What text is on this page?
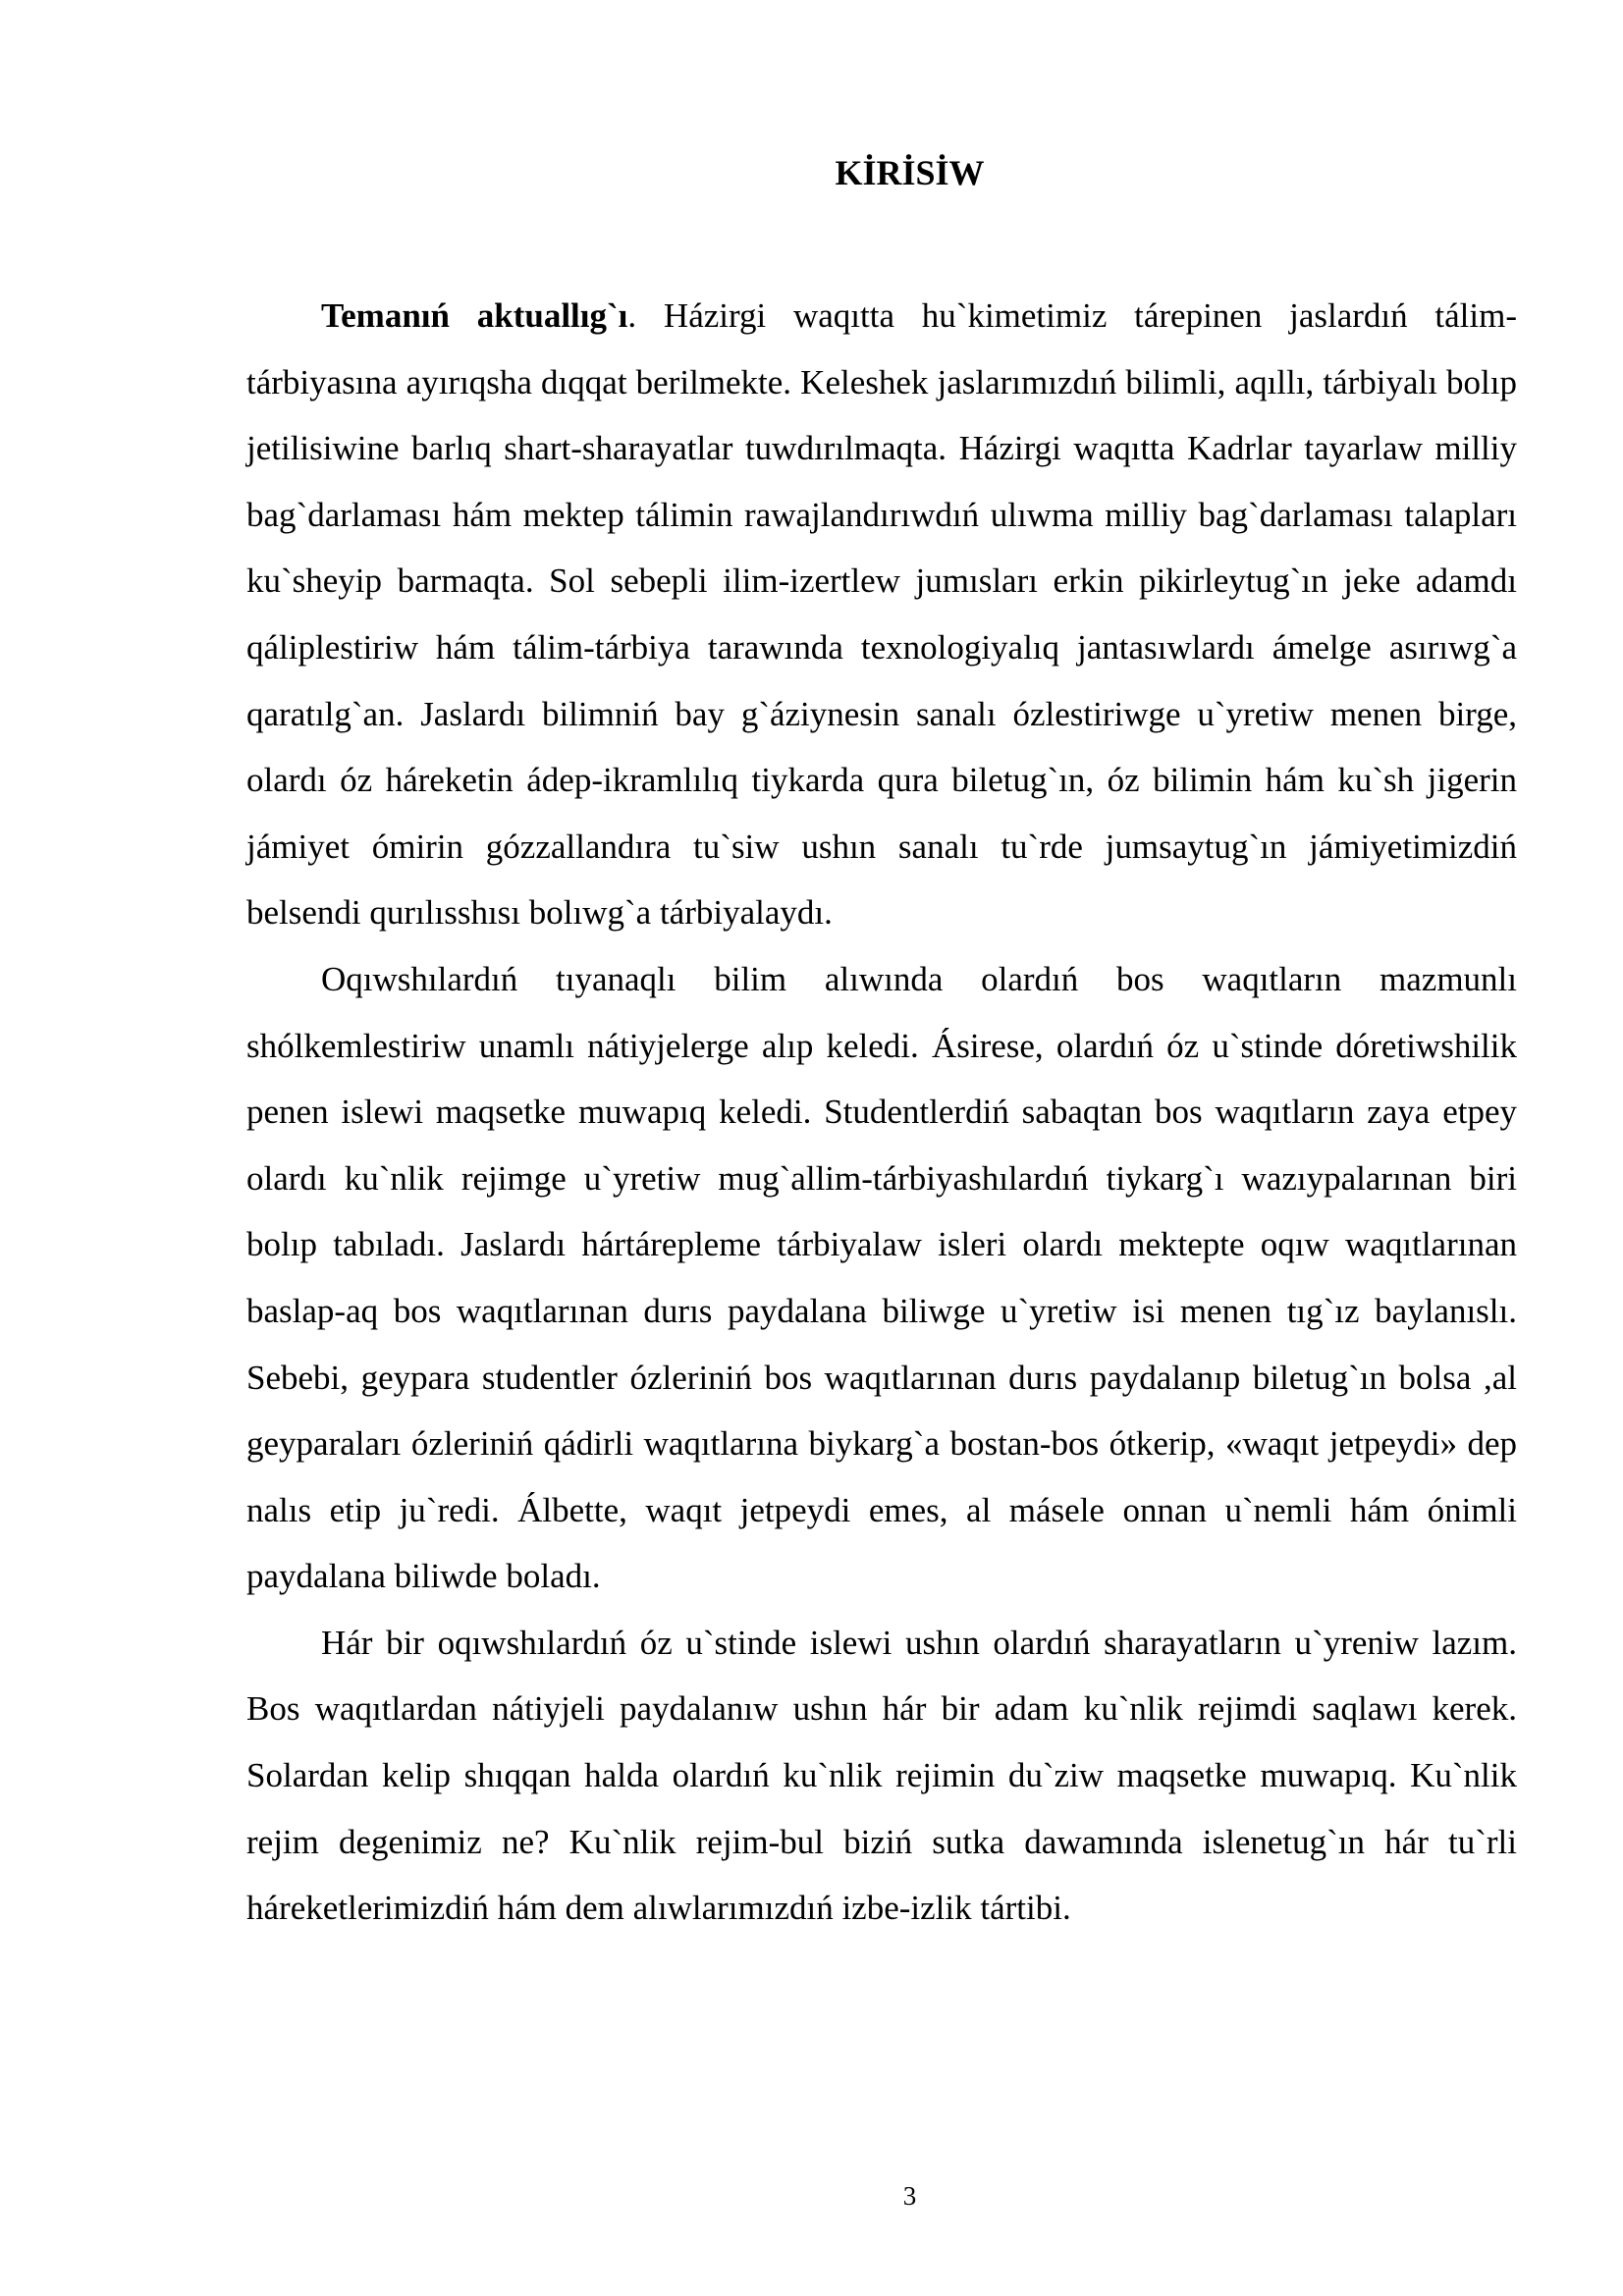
KİRİSİW

Temanıń aktuallıg`ı. Házirgi waqıtta hu`kimetimiz tárepinen jaslardıń tálim-tárbiyasına ayırıqsha dıqqat berilmekte. Keleshek jaslarımızdıń bilimli, aqıllı, tárbiyalı bolıp jetilisiwine barlıq shart-sharayatlar tuwdırılmaqta. Házirgi waqıtta Kadrlar tayarlaw milliy bag`darlaması hám mektep tálimin rawajlandırıwdıń ulıwma milliy bag`darlaması talapları ku`sheyip barmaqta. Sol sebepli ilim-izertlew jumısları erkin pikirleytug`ın jeke adamdı qáliplestiriw hám tálim-tárbiya tarawında texnologiyalıq jantasıwlardı ámelge asırıwg`a qaratılg`an. Jaslardı bilimniń bay g`áziynesin sanalı ózlestiriwge u`yretiw menen birge, olardı óz háreketin ádep-ikramlılıq tiykarda qura biletug`ın, óz bilimin hám ku`sh jigerin jámiyet ómirin gózzallandıra tu`siw ushın sanalı tu`rde jumsaytug`ın jámiyetimizdiń belsendi qurılısshısı bolıwg`a tárbiyalaydı.

Oqıwshılardıń tıyanaqlı bilim alıwında olardıń bos waqıtların mazmunlı shólkemlestiriw unamlı nátiyjelerge alıp keledi. Ásirese, olardıń óz u`stinde dóretiwshilik penen islewi maqsetke muwapıq keledi. Studentlerdiń sabaqtan bos waqıtların zaya etpey olardı ku`nlik rejimge u`yretiw mug`allim-tárbiyashılardıń tiykarg`ı wazıypalarınan biri bolıp tabıladı. Jaslardı hártárepleme tárbiyalaw isleri olardı mektepte oqıw waqıtlarınan baslap-aq bos waqıtlarınan durıs paydalana biliwge u`yretiw isi menen tıg`ız baylanıslı. Sebebi, geypara studentler ózleriniń bos waqıtlarınan durıs paydalanıp biletug`ın bolsa ,al geyparaları ózleriniń qádirli waqıtlarına biykarg`a bostan-bos ótkerip, «waqıt jetpeydi» dep nalıs etip ju`redi. Álbette, waqıt jetpeydi emes, al másele onnan u`nemli hám ónimli paydalana biliwde boladı.

Hár bir oqıwshılardıń óz u`stinde islewi ushın olardıń sharayatların u`yreniw lazım. Bos waqıtlardan nátiyjeli paydalanıw ushın hár bir adam ku`nlik rejimdi saqlawı kerek. Solardan kelip shıqqan halda olardıń ku`nlik rejimin du`ziw maqsetke muwapıq. Ku`nlik rejim degenimiz ne? Ku`nlik rejim-bul biziń sutka dawamında islenetug`ın hár tu`rli háreketlerimizdiń hám dem alıwlarımızdıń izbe-izlik tártibi.

3
